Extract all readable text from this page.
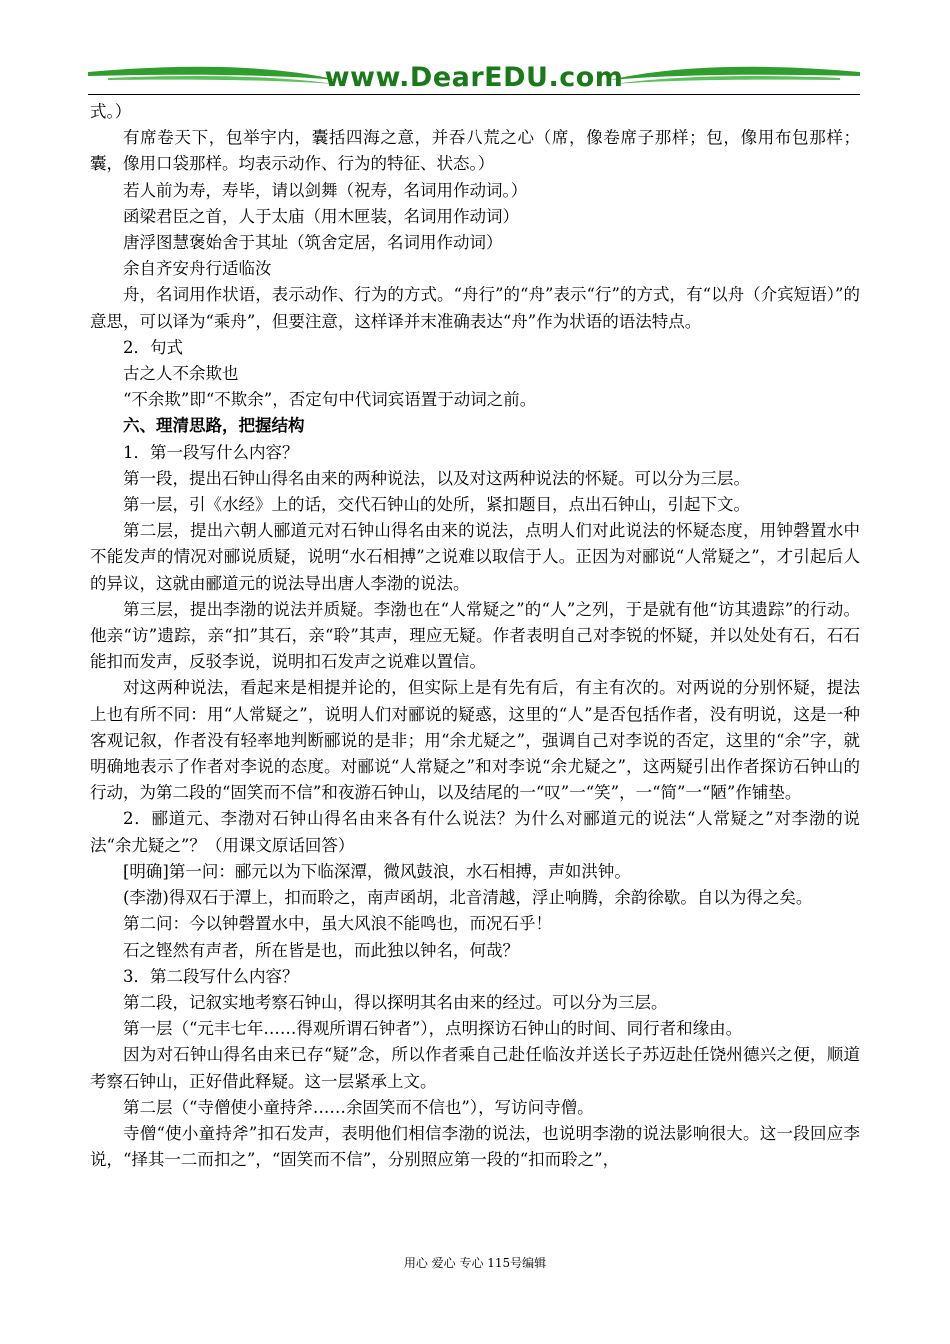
www.DearEDU.com

式。）

有席卷天下，包举宇内，囊括四海之意，并吞八荒之心（席，像卷席子那样；包，像用布包那样；囊，像用口袋那样。均表示动作、行为的特征、状态。）

若人前为寿，寿毕，请以剑舞（祝寿，名词用作动词。）

函梁君臣之首，人于太庙（用木匣装，名词用作动词）

唐浮图慧褒始舍于其址（筑舍定居，名词用作动词）

余自齐安舟行适临汝

舟，名词用作状语，表示动作、行为的方式。“舟行”的“舟”表示“行”的方式，有“以舟（介宾短语）”的意思，可以译为“乘舟”，但要注意，这样译并末准确表达“舟”作为状语的语法特点。

2．句式

古之人不余欺也

“不余欺”即“不欺余”，否定句中代词宾语置于动词之前。

六、理清思路，把握结构

1．第一段写什么内容？

第一段，提出石钟山得名由来的两种说法，以及对这两种说法的怀疑。可以分为三层。

第一层，引《水经》上的话，交代石钟山的处所，紧扣题目，点出石钟山，引起下文。

第二层，提出六朝人郦道元对石钟山得名由来的说法，点明人们对此说法的怀疑态度，用钟磬置水中不能发声的情况对郦说质疑，说明“水石相搏”之说难以取信于人。正因为对郦说“人常疑之”，才引起后人的异议，这就由郦道元的说法导出唐人李渤的说法。

第三层，提出李渤的说法并质疑。李渤也在“人常疑之”的“人”之列，于是就有他“访其遗踪”的行动。他亲“访”遗踪，亲“扣”其石，亲“聆”其声，理应无疑。作者表明自己对李锐的怀疑，并以处处有石，石石能扣而发声，反驳李说，说明扣石发声之说难以置信。

对这两种说法，看起来是相提并论的，但实际上是有先有后，有主有次的。对两说的分别怀疑，提法上也有所不同：用“人常疑之”，说明人们对郦说的疑惑，这里的“人”是否包括作者，没有明说，这是一种客观记叙，作者没有轻率地判断郦说的是非；用“余尤疑之”，强调自己对李说的否定，这里的“余”字，就明确地表示了作者对李说的态度。对郦说“人常疑之”和对李说“余尤疑之”，这两疑引出作者探访石钟山的行动，为第二段的“固笑而不信”和夜游石钟山，以及结尾的一“叹”一“笑”，一“简”一“陋”作铺垫。

2．郦道元、李渤对石钟山得名由来各有什么说法？为什么对郦道元的说法“人常疑之”对李渤的说法“余尤疑之”？（用课文原话回答）

[明确]第一问：郦元以为下临深潭，微风鼓浪，水石相搏，声如洪钟。

(李渤)得双石于潭上，扣而聆之，南声函胡，北音清越，浮止响腾，余韵徐歇。自以为得之矣。

第二问：今以钟磬置水中，虽大风浪不能鸣也，而况石乎！

石之铿然有声者，所在皆是也，而此独以钟名，何哉？

3．第二段写什么内容？

第二段，记叙实地考察石钟山，得以探明其名由来的经过。可以分为三层。

第一层（“元丰七年……得观所谓石钟者”），点明探访石钟山的时间、同行者和缘由。

因为对石钟山得名由来已存“疑”念，所以作者乘自己赴任临汝并送长子苏迈赴任饶州德兴之便，顺道考察石钟山，正好借此释疑。这一层紧承上文。

第二层（“寺僧使小童持斧……余固笑而不信也”），写访问寺僧。

寺僧“使小童持斧”扣石发声，表明他们相信李渤的说法，也说明李渤的说法影响很大。这一段回应李说，“择其一二而扣之”，“固笑而不信”，分别照应第一段的“扣而聆之”，

用心 爱心 专心 115号编辑
